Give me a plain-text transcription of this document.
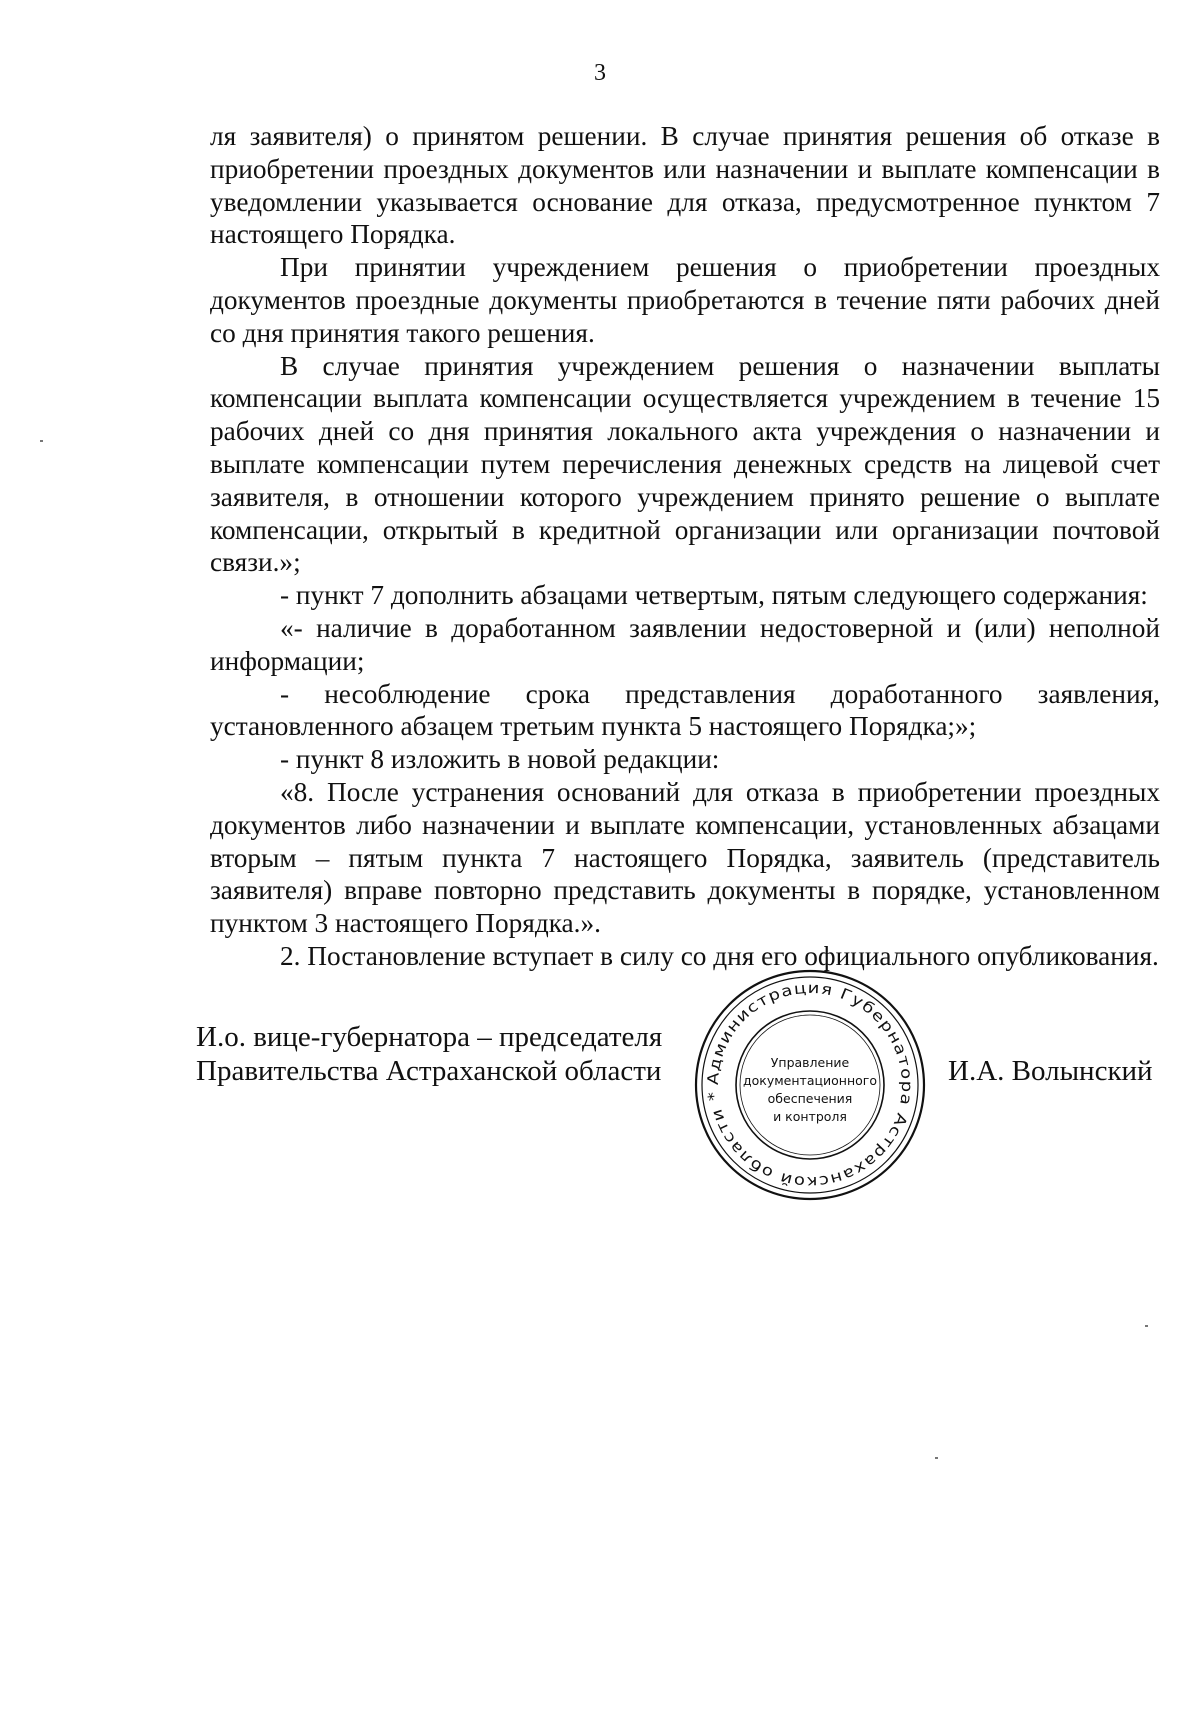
3

ля заявителя) о принятом решении. В случае принятия решения об отказе в приобретении проездных документов или назначении и выплате компенсации в уведомлении указывается основание для отказа, предусмотренное пунктом 7 настоящего Порядка.

При принятии учреждением решения о приобретении проездных документов проездные документы приобретаются в течение пяти рабочих дней со дня принятия такого решения.

В случае принятия учреждением решения о назначении выплаты компенсации выплата компенсации осуществляется учреждением в течение 15 рабочих дней со дня принятия локального акта учреждения о назначении и выплате компенсации путем перечисления денежных средств на лицевой счет заявителя, в отношении которого учреждением принято решение о выплате компенсации, открытый в кредитной организации или организации почтовой связи.»;

- пункт 7 дополнить абзацами четвертым, пятым следующего содержания:

«- наличие в доработанном заявлении недостоверной и (или) неполной информации;

- несоблюдение срока представления доработанного заявления, установленного абзацем третьим пункта 5 настоящего Порядка;»;

- пункт 8 изложить в новой редакции:

«8. После устранения оснований для отказа в приобретении проездных документов либо назначении и выплате компенсации, установленных абзацами вторым – пятым пункта 7 настоящего Порядка, заявитель (представитель заявителя) вправе повторно представить документы в порядке, установленном пунктом 3 настоящего Порядка.».

2. Постановление вступает в силу со дня его официального опубликования.

И.о. вице-губернатора – председателя
Правительства Астраханской области	Администрация Губернатора Астраханской области *
Управление
документационного
обеспечения
и контроля
И.А. Волынский
